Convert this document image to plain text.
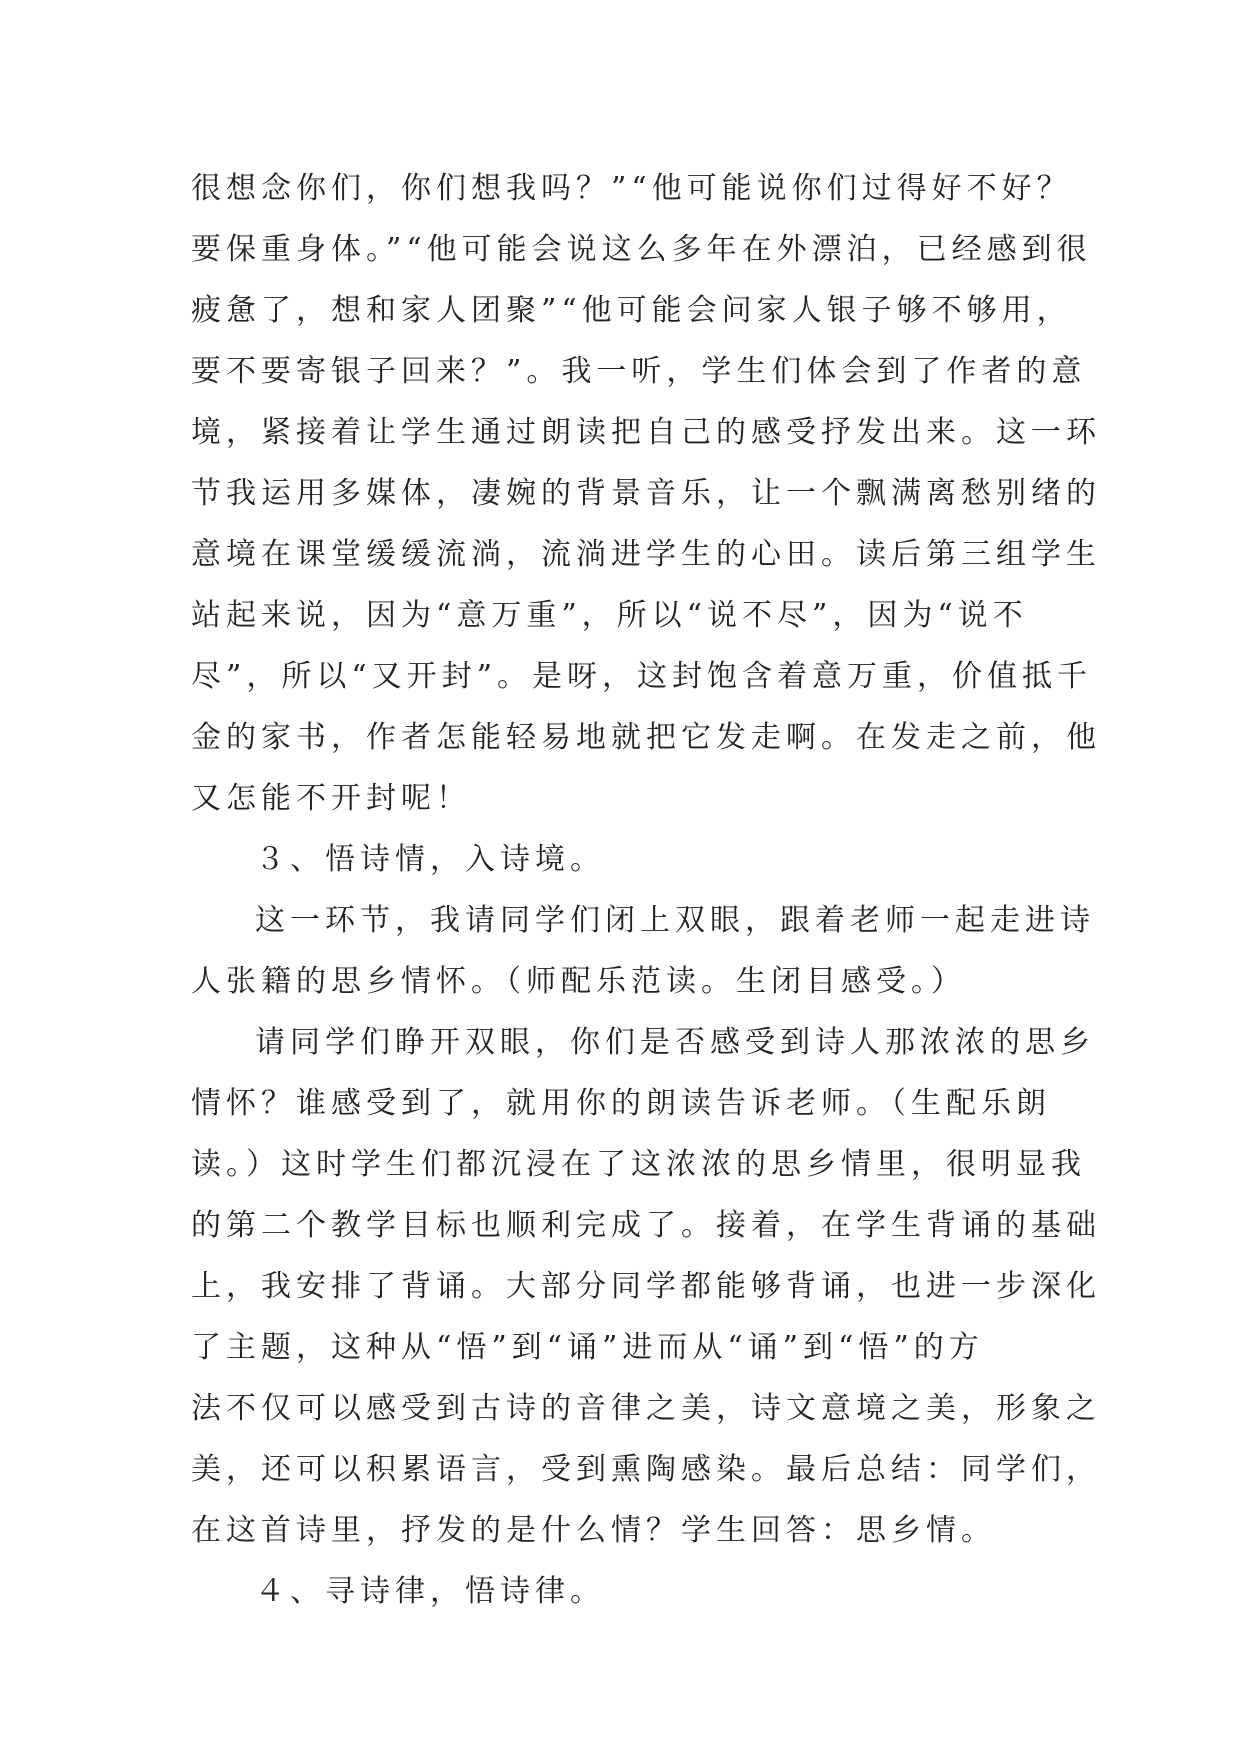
很想念你们，你们想我吗？”“他可能说你们过得好不好？
要保重身体。”“他可能会说这么多年在外漂泊，已经感到很
疲惫了，想和家人团聚”“他可能会问家人银子够不够用，
要不要寄银子回来？”。我一听，学生们体会到了作者的意
境，紧接着让学生通过朗读把自己的感受抒发出来。这一环
节我运用多媒体，凄婉的背景音乐，让一个飘满离愁别绪的
意境在课堂缓缓流淌，流淌进学生的心田。读后第三组学生
站起来说，因为“意万重”，所以“说不尽”，因为“说不
尽”，所以“又开封”。是呀，这封饱含着意万重，价值抵千
金的家书，作者怎能轻易地就把它发走啊。在发走之前，他
又怎能不开封呢！
３、悟诗情，入诗境。
这一环节，我请同学们闭上双眼，跟着老师一起走进诗
人张籍的思乡情怀。（师配乐范读。生闭目感受。）
请同学们睁开双眼，你们是否感受到诗人那浓浓的思乡
情怀？谁感受到了，就用你的朗读告诉老师。（生配乐朗
读。）这时学生们都沉浸在了这浓浓的思乡情里，很明显我
的第二个教学目标也顺利完成了。接着，在学生背诵的基础
上，我安排了背诵。大部分同学都能够背诵，也进一步深化
了主题，这种从“悟”到“诵”进而从“诵”到“悟”的方
法不仅可以感受到古诗的音律之美，诗文意境之美，形象之
美，还可以积累语言，受到熏陶感染。最后总结：同学们，
在这首诗里，抒发的是什么情？学生回答：思乡情。
４、寻诗律，悟诗律。
